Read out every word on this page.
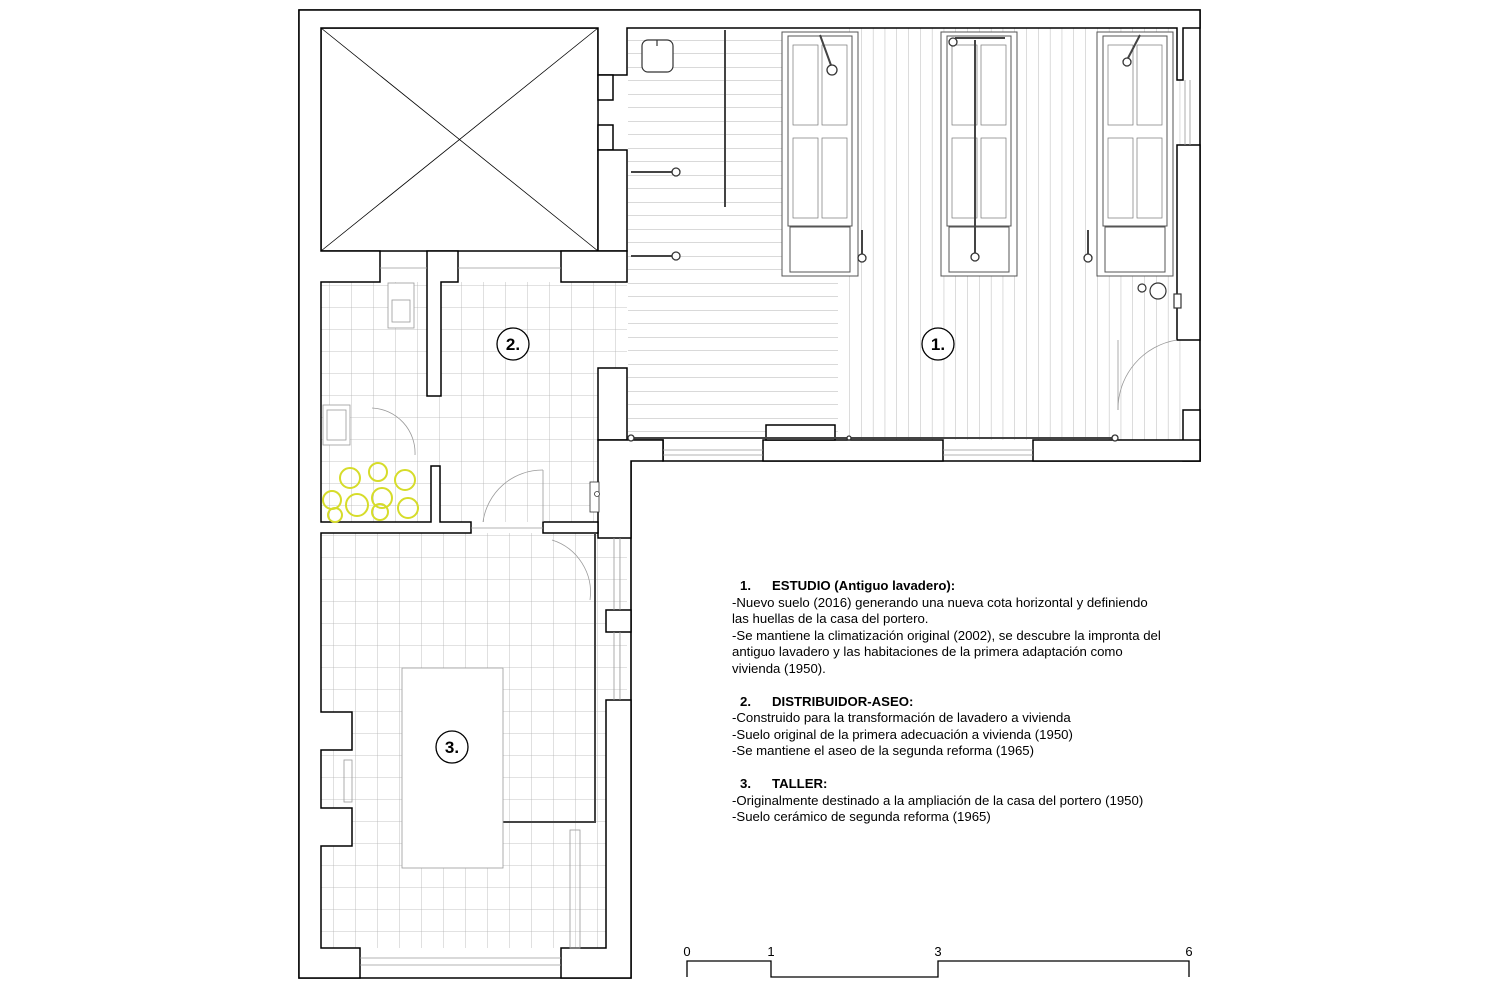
1.
2.
3.
0	1	3	6
1.	ESTUDIO (Antiguo lavadero):
-Nuevo suelo (2016) generando una nueva cota horizontal y definiendo
las huellas de la casa del portero.
-Se mantiene la climatización original (2002), se descubre la impronta del
antiguo lavadero y las habitaciones de la primera adaptación como
vivienda (1950).
2.	DISTRIBUIDOR-ASEO:
-Construido para la transformación de lavadero a vivienda
-Suelo original de la primera adecuación a vivienda (1950)
-Se mantiene el aseo de la segunda reforma (1965)
3.	TALLER:
-Originalmente destinado a la ampliación de la casa del portero (1950)
-Suelo cerámico de segunda reforma (1965)
